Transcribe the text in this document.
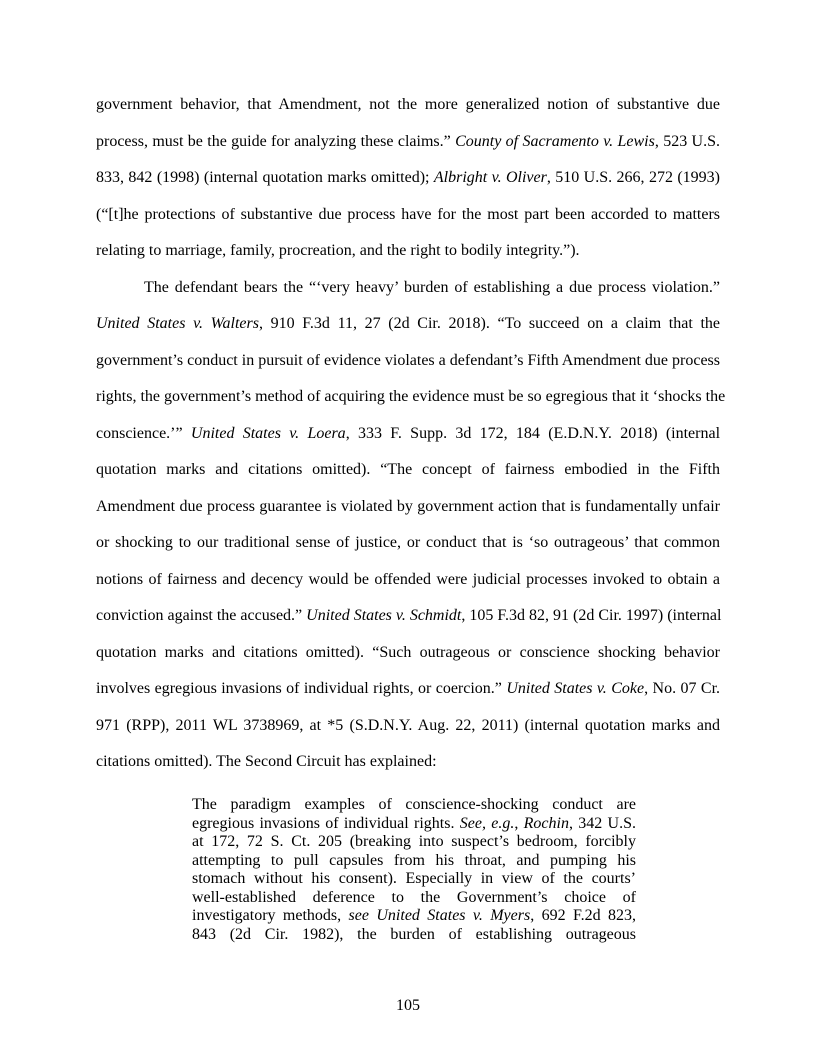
government behavior, that Amendment, not the more generalized notion of substantive due
process, must be the guide for analyzing these claims.” County of Sacramento v. Lewis, 523 U.S.
833, 842 (1998) (internal quotation marks omitted); Albright v. Oliver, 510 U.S. 266, 272 (1993)
(“[t]he protections of substantive due process have for the most part been accorded to matters
relating to marriage, family, procreation, and the right to bodily integrity.”).
The defendant bears the “‘very heavy’ burden of establishing a due process violation.”
United States v. Walters, 910 F.3d 11, 27 (2d Cir. 2018). “To succeed on a claim that the
government’s conduct in pursuit of evidence violates a defendant’s Fifth Amendment due process
rights, the government’s method of acquiring the evidence must be so egregious that it ‘shocks the
conscience.’” United States v. Loera, 333 F. Supp. 3d 172, 184 (E.D.N.Y. 2018) (internal
quotation marks and citations omitted). “The concept of fairness embodied in the Fifth
Amendment due process guarantee is violated by government action that is fundamentally unfair
or shocking to our traditional sense of justice, or conduct that is ‘so outrageous’ that common
notions of fairness and decency would be offended were judicial processes invoked to obtain a
conviction against the accused.” United States v. Schmidt, 105 F.3d 82, 91 (2d Cir. 1997) (internal
quotation marks and citations omitted). “Such outrageous or conscience shocking behavior
involves egregious invasions of individual rights, or coercion.” United States v. Coke, No. 07 Cr.
971 (RPP), 2011 WL 3738969, at *5 (S.D.N.Y. Aug. 22, 2011) (internal quotation marks and
citations omitted). The Second Circuit has explained:
The paradigm examples of conscience-shocking conduct are
egregious invasions of individual rights. See, e.g., Rochin, 342 U.S.
at 172, 72 S. Ct. 205 (breaking into suspect’s bedroom, forcibly
attempting to pull capsules from his throat, and pumping his
stomach without his consent). Especially in view of the courts’
well-established deference to the Government’s choice of
investigatory methods, see United States v. Myers, 692 F.2d 823,
843 (2d Cir. 1982), the burden of establishing outrageous
105
